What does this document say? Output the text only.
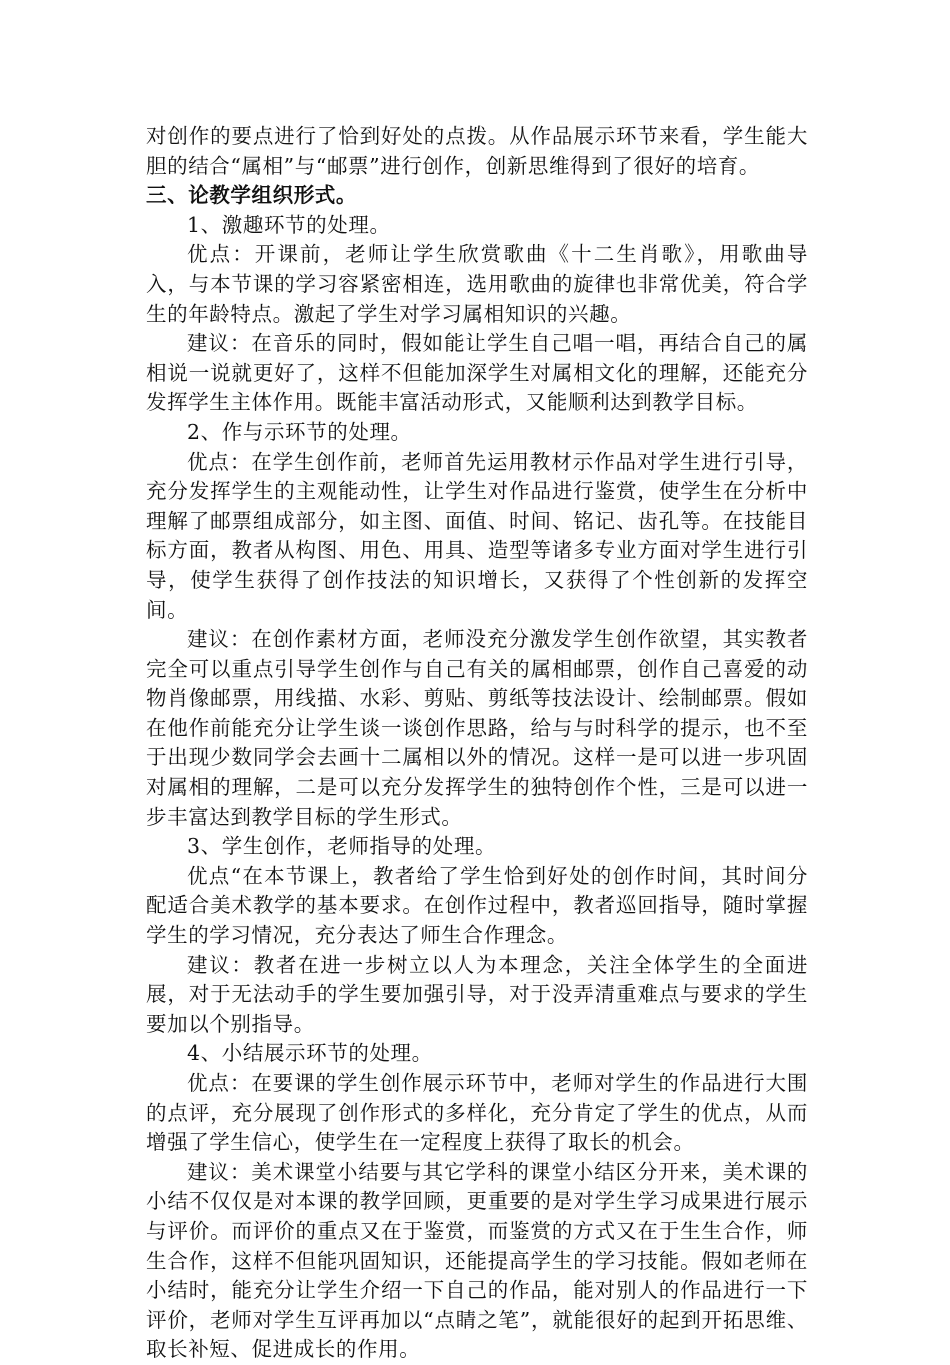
对创作的要点进行了恰到好处的点拨。从作品展示环节来看，学生能大胆的结合“属相”与“邮票”进行创作，创新思维得到了很好的培育。

三、论教学组织形式。

1、激趣环节的处理。

优点：开课前，老师让学生欣赏歌曲《十二生肖歌》，用歌曲导入，与本节课的学习容紧密相连，选用歌曲的旋律也非常优美，符合学生的年龄特点。激起了学生对学习属相知识的兴趣。

建议：在音乐的同时，假如能让学生自己唱一唱，再结合自己的属相说一说就更好了，这样不但能加深学生对属相文化的理解，还能充分发挥学生主体作用。既能丰富活动形式，又能顺利达到教学目标。

2、作与示环节的处理。

优点：在学生创作前，老师首先运用教材示作品对学生进行引导，充分发挥学生的主观能动性，让学生对作品进行鉴赏，使学生在分析中理解了邮票组成部分，如主图、面值、时间、铭记、齿孔等。在技能目标方面，教者从构图、用色、用具、造型等诸多专业方面对学生进行引导，使学生获得了创作技法的知识增长，又获得了个性创新的发挥空间。

建议：在创作素材方面，老师没充分激发学生创作欲望，其实教者完全可以重点引导学生创作与自己有关的属相邮票，创作自己喜爱的动物肖像邮票，用线描、水彩、剪贴、剪纸等技法设计、绘制邮票。假如在他作前能充分让学生谈一谈创作思路，给与与时科学的提示，也不至于出现少数同学会去画十二属相以外的情况。这样一是可以进一步巩固对属相的理解，二是可以充分发挥学生的独特创作个性，三是可以进一步丰富达到教学目标的学生形式。

3、学生创作，老师指导的处理。

优点“在本节课上，教者给了学生恰到好处的创作时间，其时间分配适合美术教学的基本要求。在创作过程中，教者巡回指导，随时掌握学生的学习情况，充分表达了师生合作理念。

建议：教者在进一步树立以人为本理念，关注全体学生的全面进展，对于无法动手的学生要加强引导，对于没弄清重难点与要求的学生要加以个别指导。

4、小结展示环节的处理。

优点：在要课的学生创作展示环节中，老师对学生的作品进行大围的点评，充分展现了创作形式的多样化，充分肯定了学生的优点，从而增强了学生信心，使学生在一定程度上获得了取长的机会。

建议：美术课堂小结要与其它学科的课堂小结区分开来，美术课的小结不仅仅是对本课的教学回顾，更重要的是对学生学习成果进行展示与评价。而评价的重点又在于鉴赏，而鉴赏的方式又在于生生合作，师生合作，这样不但能巩固知识，还能提高学生的学习技能。假如老师在小结时，能充分让学生介绍一下自己的作品，能对别人的作品进行一下评价，老师对学生互评再加以“点睛之笔”，就能很好的起到开拓思维、取长补短、促进成长的作用。
